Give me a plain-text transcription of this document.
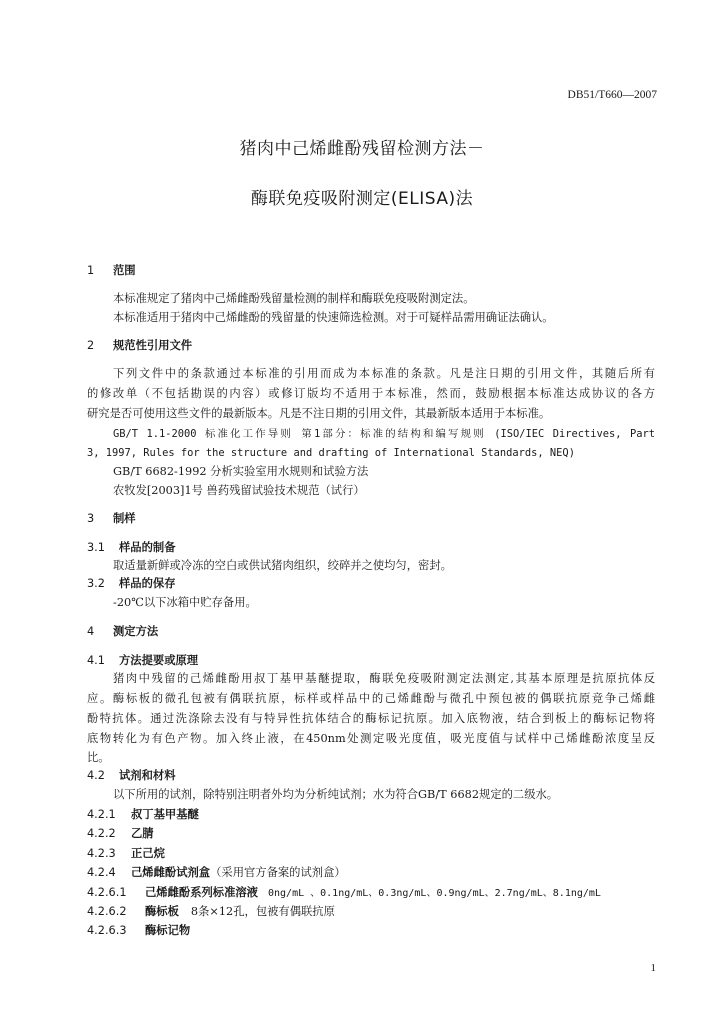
DB51/T660—2007
猪肉中己烯雌酚残留检测方法－
酶联免疫吸附测定(ELISA)法
1 范围
本标准规定了猪肉中己烯雌酚残留量检测的制样和酶联免疫吸附测定法。
本标准适用于猪肉中己烯雌酚的残留量的快速筛选检测。对于可疑样品需用确证法确认。
2 规范性引用文件
下列文件中的条款通过本标准的引用而成为本标准的条款。凡是注日期的引用文件，其随后所有
的修改单（不包括勘误的内容）或修订版均不适用于本标准，然而，鼓励根据本标准达成协议的各方
研究是否可使用这些文件的最新版本。凡是不注日期的引用文件，其最新版本适用于本标准。
GB/T 1.1-2000 标准化工作导则 第1部分：标准的结构和编写规则 (ISO/IEC Directives, Part
3, 1997, Rules for the structure and drafting of International Standards, NEQ)
GB/T 6682-1992 分析实验室用水规则和试验方法
农牧发[2003]1号 兽药残留试验技术规范（试行）
3 制样
3.1 样品的制备
取适量新鲜或冷冻的空白或供试猪肉组织，绞碎并之使均匀，密封。
3.2 样品的保存
-20℃以下冰箱中贮存备用。
4 测定方法
4.1 方法提要或原理
猪肉中残留的己烯雌酚用叔丁基甲基醚提取，酶联免疫吸附测定法测定,其基本原理是抗原抗体反
应。酶标板的微孔包被有偶联抗原，标样或样品中的己烯雌酚与微孔中预包被的偶联抗原竞争己烯雌
酚特抗体。通过洗涤除去没有与特异性抗体结合的酶标记抗原。加入底物液，结合到板上的酶标记物将
底物转化为有色产物。加入终止液，在450nm处测定吸光度值，吸光度值与试样中己烯雌酚浓度呈反
比。
4.2 试剂和材料
以下所用的试剂，除特别注明者外均为分析纯试剂；水为符合GB/T 6682规定的二级水。
4.2.1 叔丁基甲基醚
4.2.2 乙腈
4.2.3 正己烷
4.2.4 己烯雌酚试剂盒（采用官方备案的试剂盒）
4.2.6.1 己烯雌酚系列标准溶液 0ng/mL 、0.1ng/mL、0.3ng/mL、0.9ng/mL、2.7ng/mL、8.1ng/mL
4.2.6.2 酶标板 8条×12孔，包被有偶联抗原
4.2.6.3 酶标记物
1
